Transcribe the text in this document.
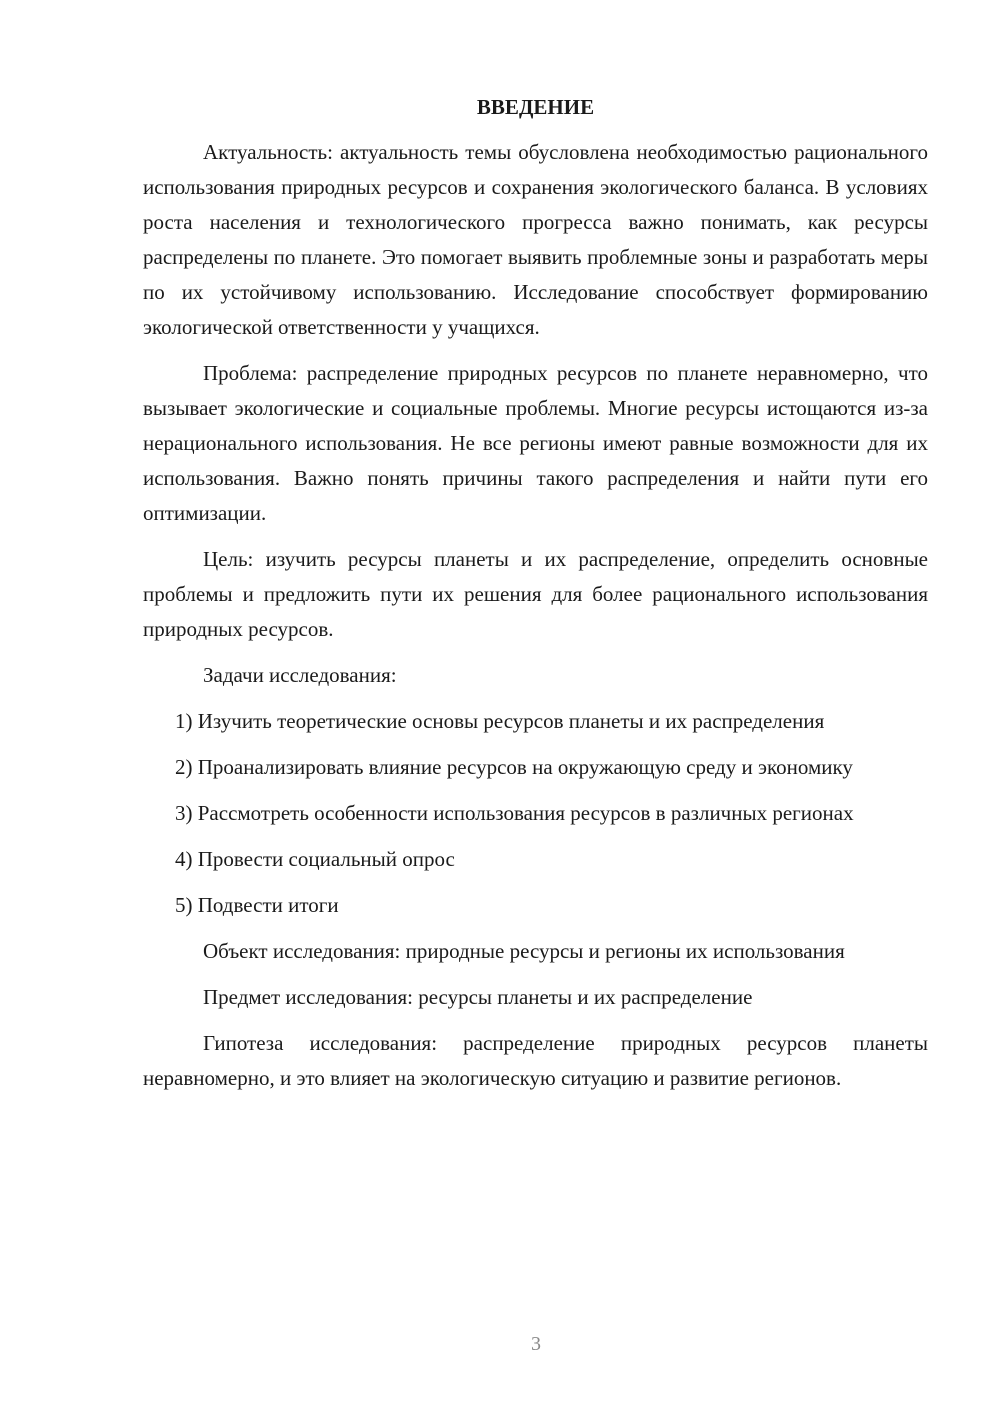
ВВЕДЕНИЕ

Актуальность: актуальность темы обусловлена необходимостью рационального использования природных ресурсов и сохранения экологического баланса. В условиях роста населения и технологического прогресса важно понимать, как ресурсы распределены по планете. Это помогает выявить проблемные зоны и разработать меры по их устойчивому использованию. Исследование способствует формированию экологической ответственности у учащихся.

Проблема: распределение природных ресурсов по планете неравномерно, что вызывает экологические и социальные проблемы. Многие ресурсы истощаются из-за нерационального использования. Не все регионы имеют равные возможности для их использования. Важно понять причины такого распределения и найти пути его оптимизации.

Цель: изучить ресурсы планеты и их распределение, определить основные проблемы и предложить пути их решения для более рационального использования природных ресурсов.

Задачи исследования:

1) Изучить теоретические основы ресурсов планеты и их распределения

2) Проанализировать влияние ресурсов на окружающую среду и экономику

3) Рассмотреть особенности использования ресурсов в различных регионах

4) Провести социальный опрос

5) Подвести итоги

Объект исследования: природные ресурсы и регионы их использования

Предмет исследования: ресурсы планеты и их распределение

Гипотеза исследования: распределение природных ресурсов планеты неравномерно, и это влияет на экологическую ситуацию и развитие регионов.

3
